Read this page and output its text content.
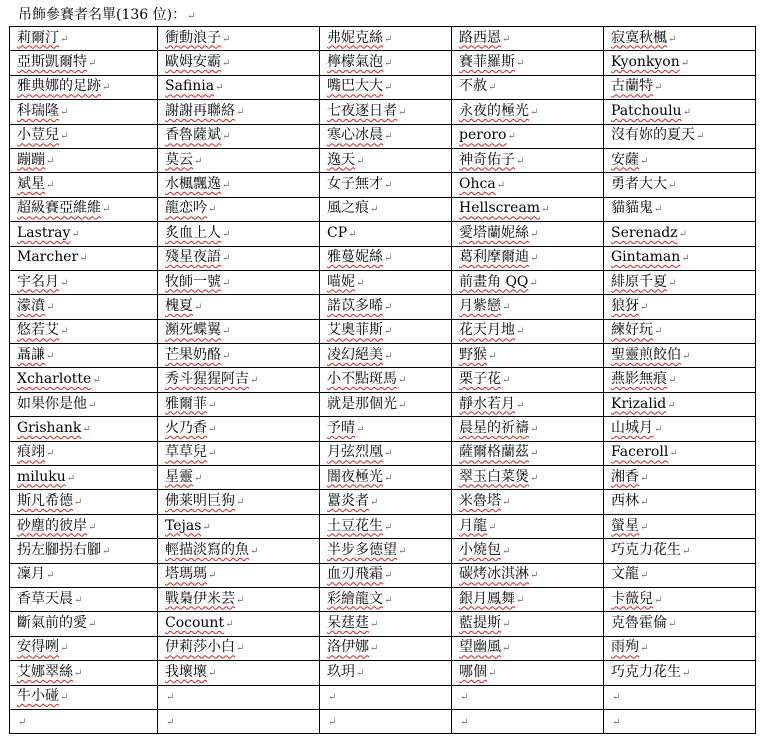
吊飾參賽者名單(136 位)：↵
莉爾汀↵	衝動浪子↵	弗妮克絲↵	路西恩↵	寂寞秋楓↵
亞斯凱爾特↵	歐姆安霸↵	檸檬氣泡↵	賽菲羅斯↵	Kyonkyon↵
雅典娜的足跡↵	Safinia↵	嘴巴大大↵	不赦↵	古蘭特↵
科瑞隆↵	謝謝再聯絡↵	七夜逐日者↵	永夜的極光↵	Patchoulu↵
小荳兒↵	香魯薩斌↵	寒心冰晨↵	peroro↵	沒有妳的夏天↵
蹦蹦↵	莫云↵	逸天↵	神奇佑子↵	安薩↵
斌星↵	水楓飄逸↵	女子無才↵	Ohca↵	勇者大大↵
超級賽亞維維↵	龍恋吟↵	風之痕↵	Hellscream↵	貓貓鬼↵
Lastray↵	炙血上人↵	CP↵	愛塔蘭妮絲↵	Serenadz↵
Marcher↵	殘星夜語↵	雅蔓妮絲↵	葛利摩爾迪↵	Gintaman↵
宇名月↵	牧師一號↵	喵妮↵	前畫角 QQ↵	緋原千夏↵
濛濆↵	槐夏↵	諾苡多晞↵	月紫戀↵	狼犽↵
悠若艾↵	瀕死蝶翼↵	艾奧菲斯↵	花天月地↵	練好玩↵
聶謙↵	芒果奶酪↵	凌幻絕美↵	野猴↵	聖靈煎餃伯↵
Xcharlotte↵	秀斗猩猩阿吉↵	小不點斑馬↵	栗子花↵	燕影無痕↵
如果你是他↵	雅爾菲↵	就是那個光↵	靜水若月↵	Krizalid↵
Grishank↵	火乃香↵	予晴↵	晨星的祈禱↵	山城月↵
痕翊↵	草草兒↵	月弦烈凰↵	薩爾格蘭茲↵	Faceroll↵
miluku↵	星靈↵	闇夜極光↵	翠玉白菜煲↵	湘香↵
斯凡希德↵	佛莱明巨狗↵	囂炎者↵	米魯塔↵	西林↵
砂塵的彼岸↵	Tejas↵	土豆花生↵	月龍↵	螢星↵
拐左腳拐右腳↵	輕描淡寫的魚↵	半步多德望↵	小燒包↵	巧克力花生↵
凜月↵	塔瑪瑪↵	血刃飛霜↵	碳烤冰淇淋↵	文龍↵
香草天晨↵	戰梟伊米芸↵	彩繪龍文↵	銀月鳳舞↵	卡薇兒↵
斷氣前的愛↵	Cocount↵	呆莛莛↵	藍提斯↵	克魯霍倫↵
安得咧↵	伊莉莎小白↵	洛伊娜↵	望幽風↵	雨殉↵
艾娜翠絲↵	我壞壞↵	玖玥↵	哪個↵	巧克力花生↵
牛小碰↵	↵	↵	↵	↵
↵	↵	↵	↵	↵
